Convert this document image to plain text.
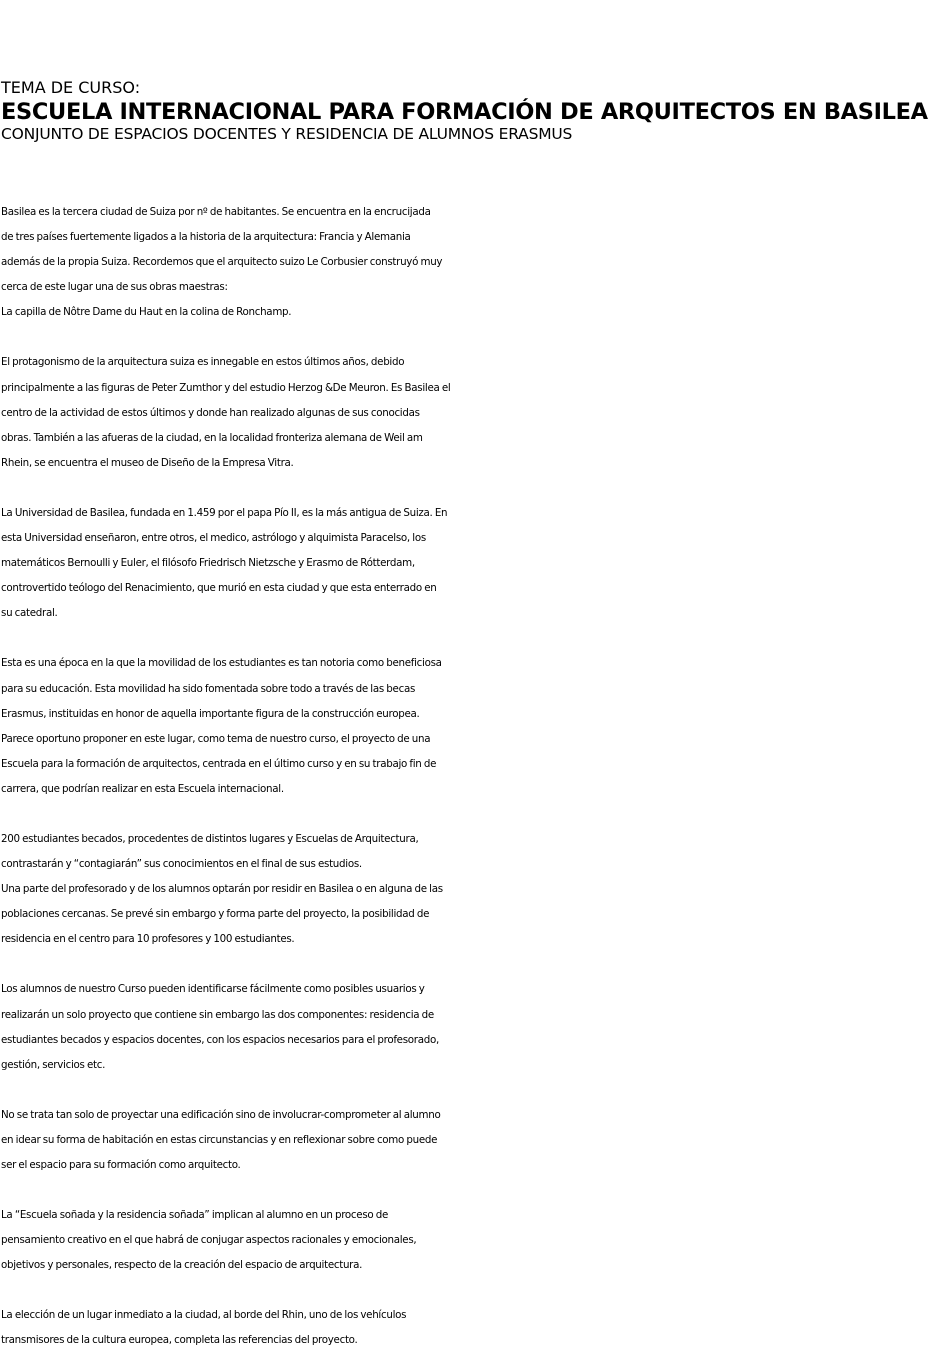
TEMA DE CURSO:
ESCUELA INTERNACIONAL PARA FORMACIÓN DE ARQUITECTOS EN BASILEA
CONJUNTO DE ESPACIOS DOCENTES Y RESIDENCIA DE ALUMNOS ERASMUS
Basilea es la tercera ciudad de Suiza por nº de habitantes. Se encuentra en la encrucijada
de tres países fuertemente ligados a la historia de la arquitectura: Francia y Alemania
además de la propia Suiza. Recordemos que el arquitecto suizo Le Corbusier construyó muy
cerca de este lugar una de sus obras maestras:
La capilla de Nôtre Dame du Haut en la colina de Ronchamp.
El protagonismo de la arquitectura suiza es innegable en estos últimos años, debido
principalmente a las figuras de Peter Zumthor y del estudio Herzog &De Meuron. Es Basilea el
centro de la actividad de estos últimos y donde han realizado algunas de sus conocidas
obras. También a las afueras de la ciudad, en la localidad fronteriza alemana de Weil am
Rhein, se encuentra el museo de Diseño de la Empresa Vitra.
La Universidad de Basilea, fundada en 1.459 por el papa Pío II, es la más antigua de Suiza. En
esta Universidad enseñaron, entre otros, el medico, astrólogo y alquimista Paracelso, los
matemáticos Bernoulli y Euler, el filósofo Friedrisch Nietzsche y Erasmo de Rótterdam,
controvertido teólogo del Renacimiento, que murió en esta ciudad y que esta enterrado en
su catedral.
Esta es una época en la que la movilidad de los estudiantes es tan notoria como beneficiosa
para su educación. Esta movilidad ha sido fomentada sobre todo a través de las becas
Erasmus, instituidas en honor de aquella importante figura de la construcción europea.
Parece oportuno proponer en este lugar, como tema de nuestro curso, el proyecto de una
Escuela para la formación de arquitectos, centrada en el último curso y en su trabajo fin de
carrera, que podrían realizar en esta Escuela internacional.
200 estudiantes becados, procedentes de distintos lugares y Escuelas de Arquitectura,
contrastarán y “contagiarán” sus conocimientos en el final de sus estudios.
Una parte del profesorado y de los alumnos optarán por residir en Basilea o en alguna de las
poblaciones cercanas. Se prevé sin embargo y forma parte del proyecto, la posibilidad de
residencia en el centro para 10 profesores y 100 estudiantes.
Los alumnos de nuestro Curso pueden identificarse fácilmente como posibles usuarios y
realizarán un solo proyecto que contiene sin embargo las dos componentes: residencia de
estudiantes becados y espacios docentes, con los espacios necesarios para el profesorado,
gestión, servicios etc.
No se trata tan solo de proyectar una edificación sino de involucrar-comprometer al alumno
en idear su forma de habitación en estas circunstancias y en reflexionar sobre como puede
ser el espacio para su formación como arquitecto.
La “Escuela soñada y la residencia soñada” implican al alumno en un proceso de
pensamiento creativo en el que habrá de conjugar aspectos racionales y emocionales,
objetivos y personales, respecto de la creación del espacio de arquitectura.
La elección de un lugar inmediato a la ciudad, al borde del Rhin, uno de los vehículos
transmisores de la cultura europea, completa las referencias del proyecto.
